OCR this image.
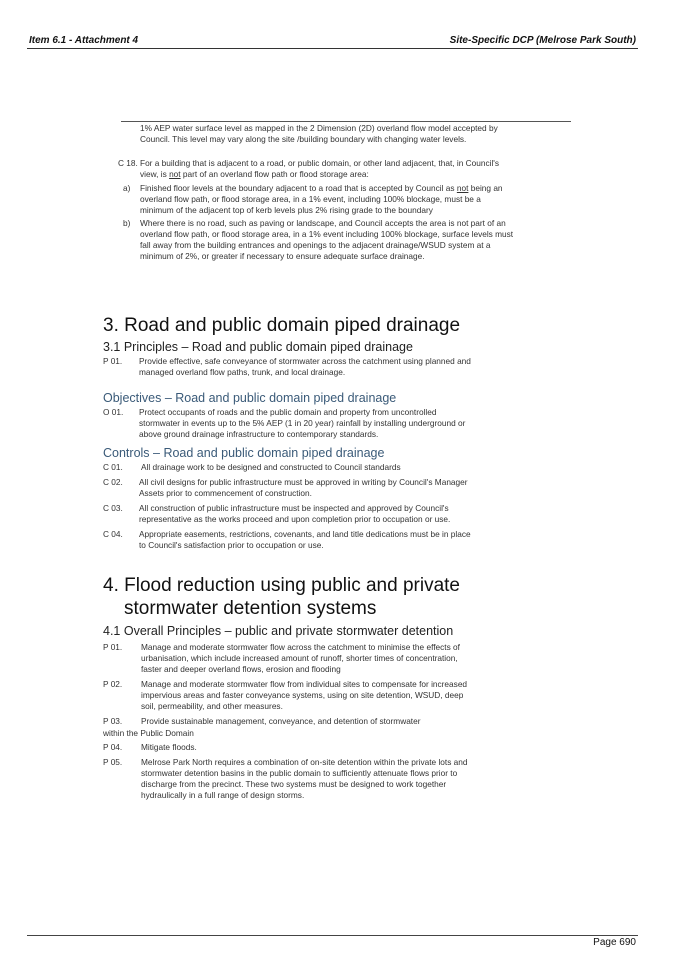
Item 6.1 - Attachment 4	Site-Specific DCP (Melrose Park South)
1% AEP water surface level as mapped in the 2 Dimension (2D) overland flow model accepted by
Council. This level may vary along the site /building boundary with changing water levels.
C 18. For a building that is adjacent to a road, or public domain, or other land adjacent, that, in Council's
view, is not part of an overland flow path or flood storage area:
a) Finished floor levels at the boundary adjacent to a road that is accepted by Council as not being an
overland flow path, or flood storage area, in a 1% event, including 100% blockage, must be a
minimum of the adjacent top of kerb levels plus 2% rising grade to the boundary
b) Where there is no road, such as paving or landscape, and Council accepts the area is not part of an
overland flow path, or flood storage area, in a 1% event including 100% blockage, surface levels must
fall away from the building entrances and openings to the adjacent drainage/WSUD system at a
minimum of 2%, or greater if necessary to ensure adequate surface drainage.
3. Road and public domain piped drainage
3.1 Principles – Road and public domain piped drainage
P 01. Provide effective, safe conveyance of stormwater across the catchment using planned and
managed overland flow paths, trunk, and local drainage.
Objectives – Road and public domain piped drainage
O 01. Protect occupants of roads and the public domain and property from uncontrolled
stormwater in events up to the 5% AEP (1 in 20 year) rainfall by installing underground or
above ground drainage infrastructure to contemporary standards.
Controls – Road and public domain piped drainage
C 01. All drainage work to be designed and constructed to Council standards
C 02. All civil designs for public infrastructure must be approved in writing by Council's Manager
Assets prior to commencement of construction.
C 03. All construction of public infrastructure must be inspected and approved by Council's
representative as the works proceed and upon completion prior to occupation or use.
C 04. Appropriate easements, restrictions, covenants, and land title dedications must be in place
to Council's satisfaction prior to occupation or use.
4. Flood reduction using public and private
stormwater detention systems
4.1 Overall Principles – public and private stormwater detention
P 01. Manage and moderate stormwater flow across the catchment to minimise the effects of
urbanisation, which include increased amount of runoff, shorter times of concentration,
faster and deeper overland flows, erosion and flooding
P 02. Manage and moderate stormwater flow from individual sites to compensate for increased
impervious areas and faster conveyance systems, using on site detention, WSUD, deep
soil, permeability, and other measures.
P 03. Provide sustainable management, conveyance, and detention of stormwater
within the Public Domain
P 04. Mitigate floods.
P 05. Melrose Park North requires a combination of on-site detention within the private lots and
stormwater detention basins in the public domain to sufficiently attenuate flows prior to
discharge from the precinct. These two systems must be designed to work together
hydraulically in a full range of design storms.
Page 690
